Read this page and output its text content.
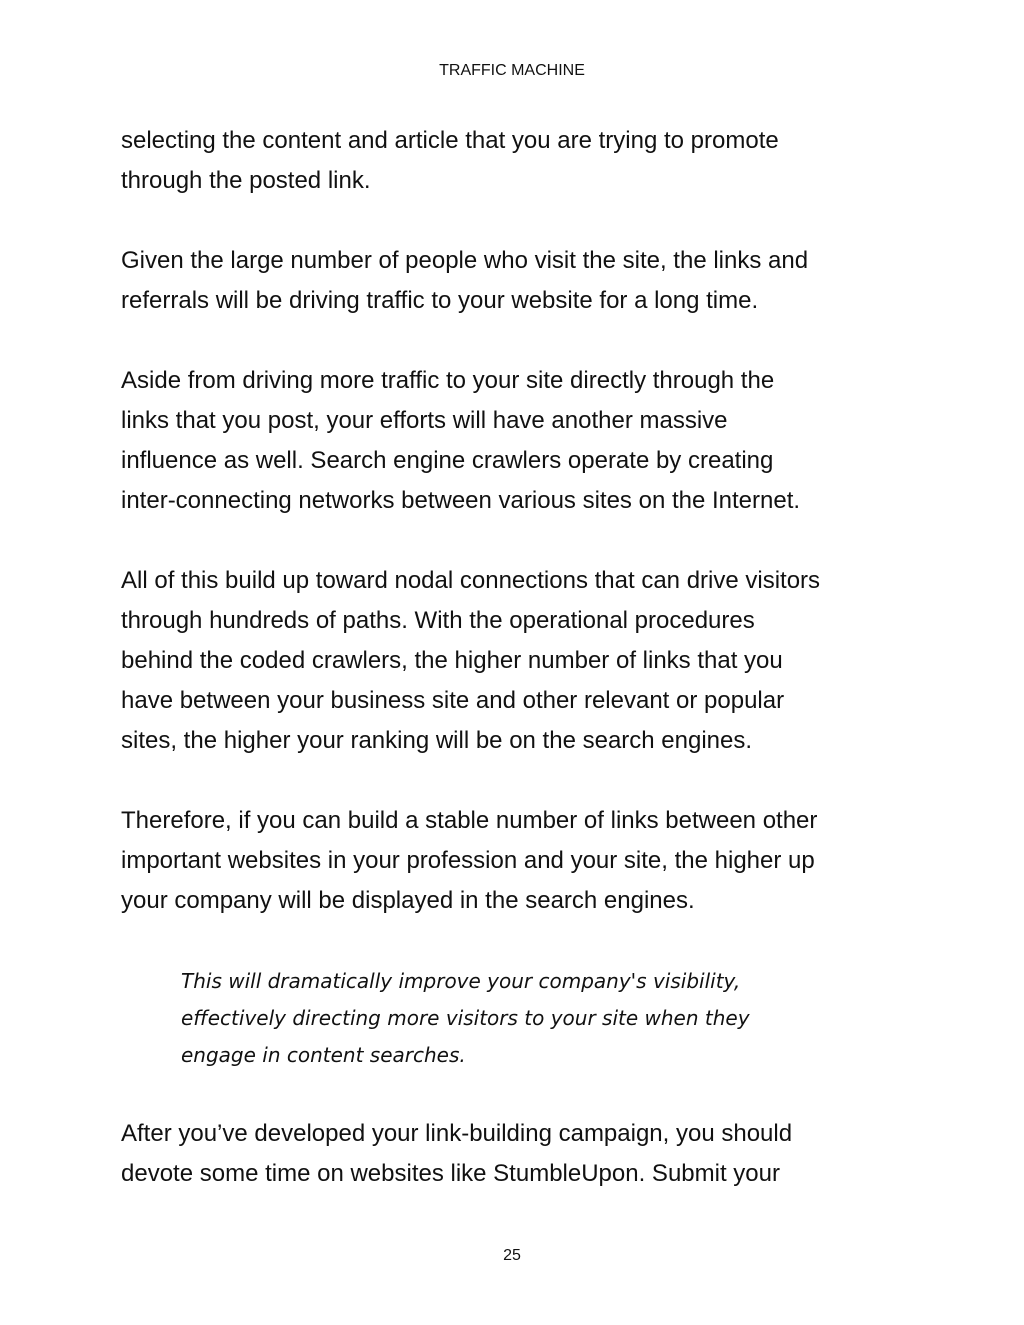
TRAFFIC MACHINE

selecting the content and article that you are trying to promote
through the posted link.

Given the large number of people who visit the site, the links and
referrals will be driving traffic to your website for a long time.

Aside from driving more traffic to your site directly through the
links that you post, your efforts will have another massive
influence as well. Search engine crawlers operate by creating
inter-connecting networks between various sites on the Internet.

All of this build up toward nodal connections that can drive visitors
through hundreds of paths. With the operational procedures
behind the coded crawlers, the higher number of links that you
have between your business site and other relevant or popular
sites, the higher your ranking will be on the search engines.

Therefore, if you can build a stable number of links between other
important websites in your profession and your site, the higher up
your company will be displayed in the search engines.

This will dramatically improve your company's visibility,
effectively directing more visitors to your site when they
engage in content searches.

After you’ve developed your link-building campaign, you should
devote some time on websites like StumbleUpon. Submit your

25
